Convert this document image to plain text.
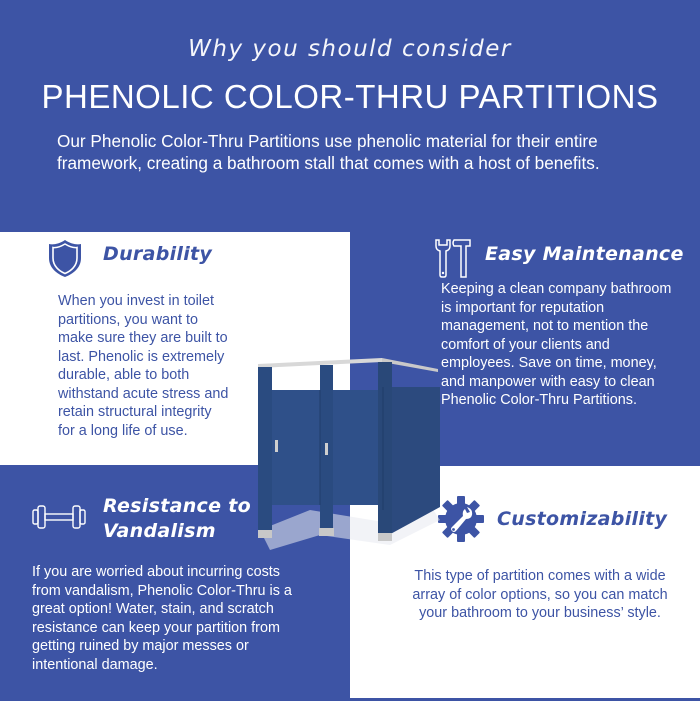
Why you should consider
PHENOLIC COLOR-THRU PARTITIONS
Our Phenolic Color-Thru Partitions use phenolic material for their entire
framework, creating a bathroom stall that comes with a host of benefits.
Durability
When you invest in toilet
partitions, you want to
make sure they are built to
last. Phenolic is extremely
durable, able to both
withstand acute stress and
retain structural integrity
for a long life of use.
Easy Maintenance
Keeping a clean company bathroom
is important for reputation
management, not to mention the
comfort of your clients and
employees. Save on time, money,
and manpower with easy to clean
Phenolic Color-Thru Partitions.
Resistance to
Vandalism
If you are worried about incurring costs
from vandalism, Phenolic Color-Thru is a
great option! Water, stain, and scratch
resistance can keep your partition from
getting ruined by major messes or
intentional damage.
Customizability
This type of partition comes with a wide
array of color options, so you can match
your bathroom to your business’ style.
